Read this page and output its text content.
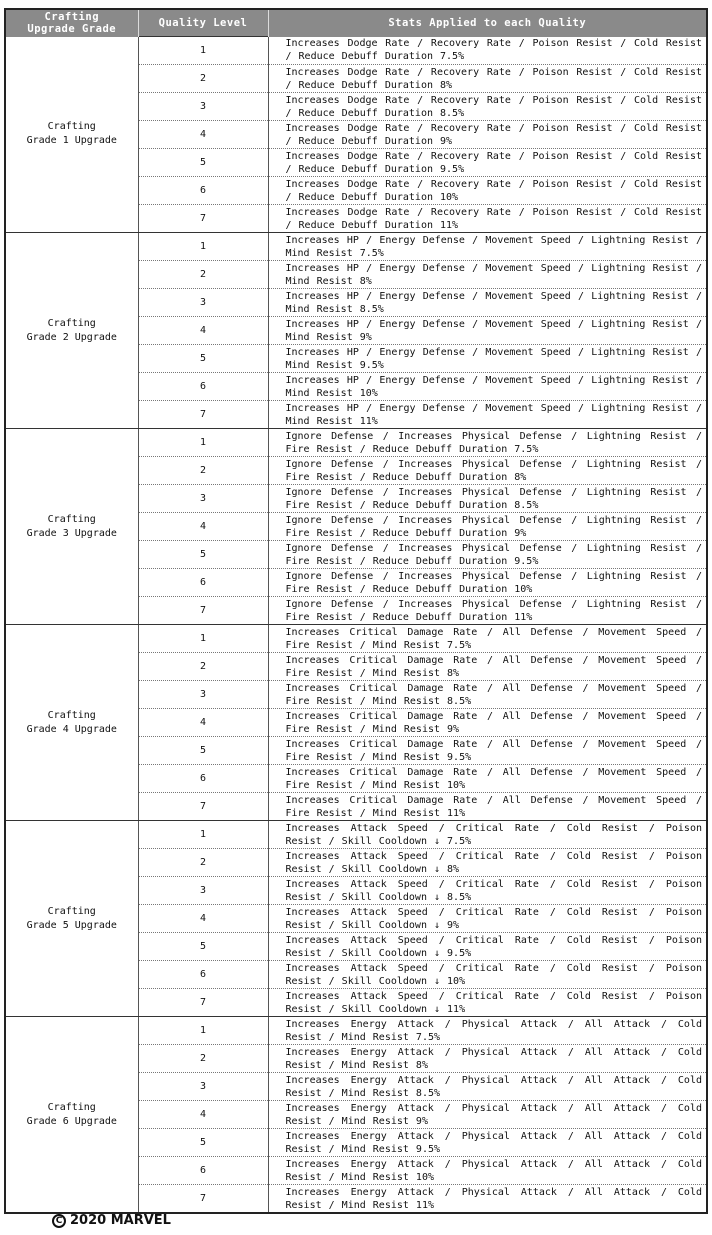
Crafting
Upgrade Grade	Quality Level	Stats Applied to each Quality

Crafting
Grade 1 Upgrade	1	Increases Dodge Rate / Recovery Rate / Poison Resist / Cold Resist / Reduce Debuff Duration 7.5%
	2	Increases Dodge Rate / Recovery Rate / Poison Resist / Cold Resist / Reduce Debuff Duration 8%
	3	Increases Dodge Rate / Recovery Rate / Poison Resist / Cold Resist / Reduce Debuff Duration 8.5%
	4	Increases Dodge Rate / Recovery Rate / Poison Resist / Cold Resist / Reduce Debuff Duration 9%
	5	Increases Dodge Rate / Recovery Rate / Poison Resist / Cold Resist / Reduce Debuff Duration 9.5%
	6	Increases Dodge Rate / Recovery Rate / Poison Resist / Cold Resist / Reduce Debuff Duration 10%
	7	Increases Dodge Rate / Recovery Rate / Poison Resist / Cold Resist / Reduce Debuff Duration 11%

Crafting
Grade 2 Upgrade	1	Increases HP / Energy Defense / Movement Speed / Lightning Resist / Mind Resist 7.5%
	2	Increases HP / Energy Defense / Movement Speed / Lightning Resist / Mind Resist 8%
	3	Increases HP / Energy Defense / Movement Speed / Lightning Resist / Mind Resist 8.5%
	4	Increases HP / Energy Defense / Movement Speed / Lightning Resist / Mind Resist 9%
	5	Increases HP / Energy Defense / Movement Speed / Lightning Resist / Mind Resist 9.5%
	6	Increases HP / Energy Defense / Movement Speed / Lightning Resist / Mind Resist 10%
	7	Increases HP / Energy Defense / Movement Speed / Lightning Resist / Mind Resist 11%

Crafting
Grade 3 Upgrade	1	Ignore Defense / Increases Physical Defense / Lightning Resist / Fire Resist / Reduce Debuff Duration 7.5%
	2	Ignore Defense / Increases Physical Defense / Lightning Resist / Fire Resist / Reduce Debuff Duration 8%
	3	Ignore Defense / Increases Physical Defense / Lightning Resist / Fire Resist / Reduce Debuff Duration 8.5%
	4	Ignore Defense / Increases Physical Defense / Lightning Resist / Fire Resist / Reduce Debuff Duration 9%
	5	Ignore Defense / Increases Physical Defense / Lightning Resist / Fire Resist / Reduce Debuff Duration 9.5%
	6	Ignore Defense / Increases Physical Defense / Lightning Resist / Fire Resist / Reduce Debuff Duration 10%
	7	Ignore Defense / Increases Physical Defense / Lightning Resist / Fire Resist / Reduce Debuff Duration 11%

Crafting
Grade 4 Upgrade	1	Increases Critical Damage Rate / All Defense / Movement Speed / Fire Resist / Mind Resist 7.5%
	2	Increases Critical Damage Rate / All Defense / Movement Speed / Fire Resist / Mind Resist 8%
	3	Increases Critical Damage Rate / All Defense / Movement Speed / Fire Resist / Mind Resist 8.5%
	4	Increases Critical Damage Rate / All Defense / Movement Speed / Fire Resist / Mind Resist 9%
	5	Increases Critical Damage Rate / All Defense / Movement Speed / Fire Resist / Mind Resist 9.5%
	6	Increases Critical Damage Rate / All Defense / Movement Speed / Fire Resist / Mind Resist 10%
	7	Increases Critical Damage Rate / All Defense / Movement Speed / Fire Resist / Mind Resist 11%

Crafting
Grade 5 Upgrade	1	Increases Attack Speed / Critical Rate / Cold Resist / Poison Resist / Skill Cooldown ↓ 7.5%
	2	Increases Attack Speed / Critical Rate / Cold Resist / Poison Resist / Skill Cooldown ↓ 8%
	3	Increases Attack Speed / Critical Rate / Cold Resist / Poison Resist / Skill Cooldown ↓ 8.5%
	4	Increases Attack Speed / Critical Rate / Cold Resist / Poison Resist / Skill Cooldown ↓ 9%
	5	Increases Attack Speed / Critical Rate / Cold Resist / Poison Resist / Skill Cooldown ↓ 9.5%
	6	Increases Attack Speed / Critical Rate / Cold Resist / Poison Resist / Skill Cooldown ↓ 10%
	7	Increases Attack Speed / Critical Rate / Cold Resist / Poison Resist / Skill Cooldown ↓ 11%

Crafting
Grade 6 Upgrade	1	Increases Energy Attack / Physical Attack / All Attack / Cold Resist / Mind Resist 7.5%
	2	Increases Energy Attack / Physical Attack / All Attack / Cold Resist / Mind Resist 8%
	3	Increases Energy Attack / Physical Attack / All Attack / Cold Resist / Mind Resist 8.5%
	4	Increases Energy Attack / Physical Attack / All Attack / Cold Resist / Mind Resist 9%
	5	Increases Energy Attack / Physical Attack / All Attack / Cold Resist / Mind Resist 9.5%
	6	Increases Energy Attack / Physical Attack / All Attack / Cold Resist / Mind Resist 10%
	7	Increases Energy Attack / Physical Attack / All Attack / Cold Resist / Mind Resist 11%
C 2020 MARVEL
